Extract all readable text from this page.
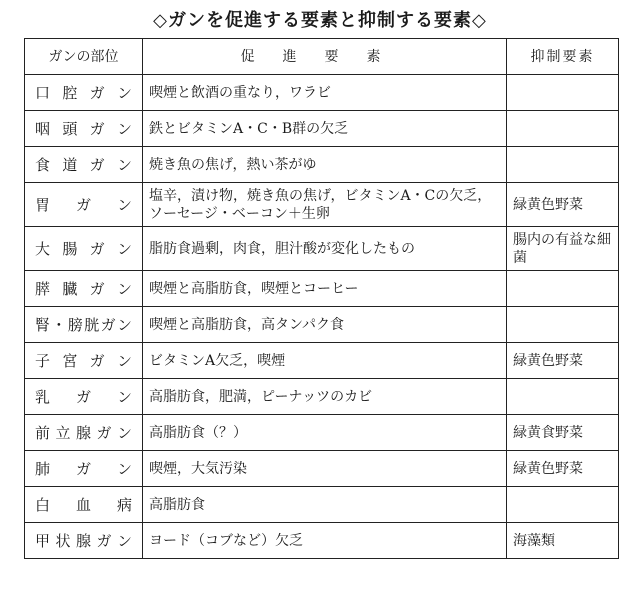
◇ガンを促進する要素と抑制する要素◇
ガンの部位	促進要素	抑制要素
口腔ガン	喫煙と飲酒の重なり，ワラビ	
咽頭ガン	鉄とビタミンA・C・B群の欠乏	
食道ガン	焼き魚の焦げ，熱い茶がゆ	
胃ガン	塩辛，漬け物，焼き魚の焦げ，ビタミンA・Cの欠乏，ソーセージ・ベーコン＋生卵	緑黄色野菜
大腸ガン	脂肪食過剰，肉食，胆汁酸が変化したもの	腸内の有益な細菌
膵臓ガン	喫煙と高脂肪食，喫煙とコーヒー	
腎・膀胱ガン	喫煙と高脂肪食，高タンパク食	
子宮ガン	ビタミンA欠乏，喫煙	緑黄色野菜
乳ガン	高脂肪食，肥満，ピーナッツのカビ	
前立腺ガン	高脂肪食（？）	緑黄食野菜
肺ガン	喫煙，大気汚染	緑黄色野菜
白血病	高脂肪食	
甲状腺ガン	ヨード（コブなど）欠乏	海藻類
